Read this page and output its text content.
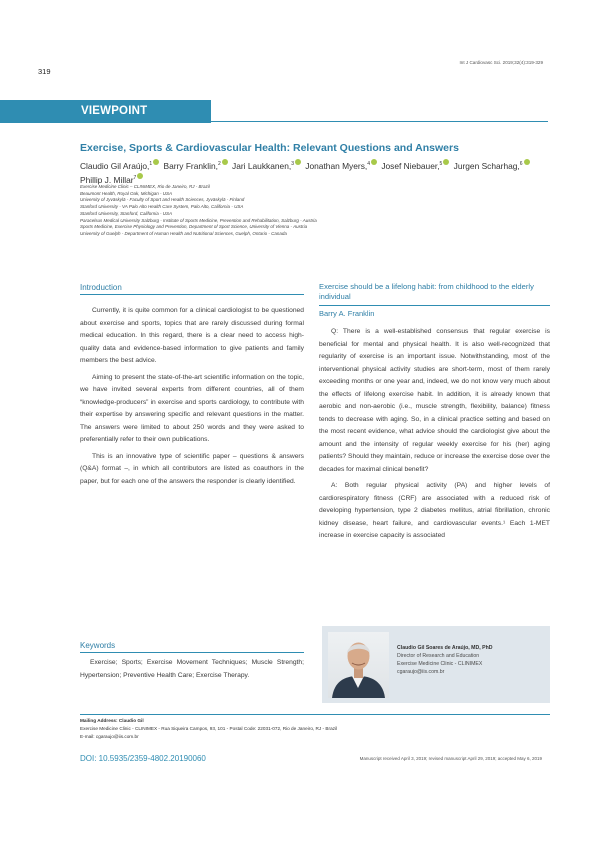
319
Int J Cardiovasc Sci. 2019;32(4):319-329
VIEWPOINT
Exercise, Sports & Cardiovascular Health: Relevant Questions and Answers
Claudio Gil Araújo,$^1$ Barry Franklin,$^2$ Jari Laukkanen,$^3$ Jonathan Myers,$^4$ Josef Niebauer,$^5$ Jurgen Scharhag,$^6$ Phillip J. Millar$^7$
Exercise Medicine Clinic – CLINIMEX, Rio de Janeiro, RJ - Brazil
Beaumont Health, Royal Oak, Michigan - USA
University of Jyväskylä - Faculty of Sport and Health Sciences, Jyväskylä - Finland
Stanford University - VA Palo Alto Health Care System, Palo Alto, California - USA
Stanford University, Stanford, California - USA
Paracelsus Medical University Salzburg - Institute of Sports Medicine, Prevention and Rehabilitation, Salzburg - Austria
Sports Medicine, Exercise Physiology and Prevention, Department of Sport Science, University of Vienna - Austria
University of Guelph - Department of Human Health and Nutritional Sciences, Guelph, Ontario - Canada
Introduction

Currently, it is quite common for a clinical cardiologist to be questioned about exercise and sports, topics that are rarely discussed during formal medical education. In this regard, there is a clear need to access high-quality data and evidence-based information to give patients and family members the best advice.

Aiming to present the state-of-the-art scientific information on the topic, we have invited several experts from different countries, all of them “knowledge-producers” in exercise and sports cardiology, to contribute with their expertise by answering specific and relevant questions in the matter. The answers were limited to about 250 words and they were asked to preferentially refer to their own publications.

This is an innovative type of scientific paper – questions & answers (Q&A) format –, in which all contributors are listed as coauthors in the paper, but for each one of the answers the responder is clearly identified.

Exercise should be a lifelong habit: from childhood to the elderly individual
Barry A. Franklin

Q: There is a well-established consensus that regular exercise is beneficial for mental and physical health. It is also well-recognized that regularity of exercise is an important issue. Notwithstanding, most of the interventional physical activity studies are short-term, most of them rarely exceeding months or one year and, indeed, we do not know very much about the effects of lifelong exercise habit. In addition, it is already known that aerobic and non-aerobic (i.e., muscle strength, flexibility, balance) fitness tends to decrease with aging. So, in a clinical practice setting and based on the most recent evidence, what advice should the cardiologist give about the amount and the intensity of regular weekly exercise for his (her) aging patients? Should they maintain, reduce or increase the exercise dose over the decades for maximal clinical benefit?

A: Both regular physical activity (PA) and higher levels of cardiorespiratory fitness (CRF) are associated with a reduced risk of developing hypertension, type 2 diabetes mellitus, atrial fibrillation, chronic kidney disease, heart failure, and cardiovascular events.¹ Each 1-MET increase in exercise capacity is associated

Keywords
Exercise; Sports; Exercise Movement Techniques; Muscle Strength; Hypertension; Preventive Health Care; Exercise Therapy.
Claudio Gil Soares de Araújo, MD, PhD
Director of Research and Education
Exercise Medicine Clinic - CLINIMEX
cgaraujo@iis.com.br
Mailing Address: Claudio Gil
Exercise Medicine Clinic - CLINIMEX - Rua Siqueira Campos, 93, 101 - Postal Code: 22031-072, Rio de Janeiro, RJ - Brazil
E-mail: cgaraujo@iis.com.br
DOI: 10.5935/2359-4802.20190060	Manuscript received April 3, 2019; revised manuscript April 29, 2019; accepted May 6, 2019
